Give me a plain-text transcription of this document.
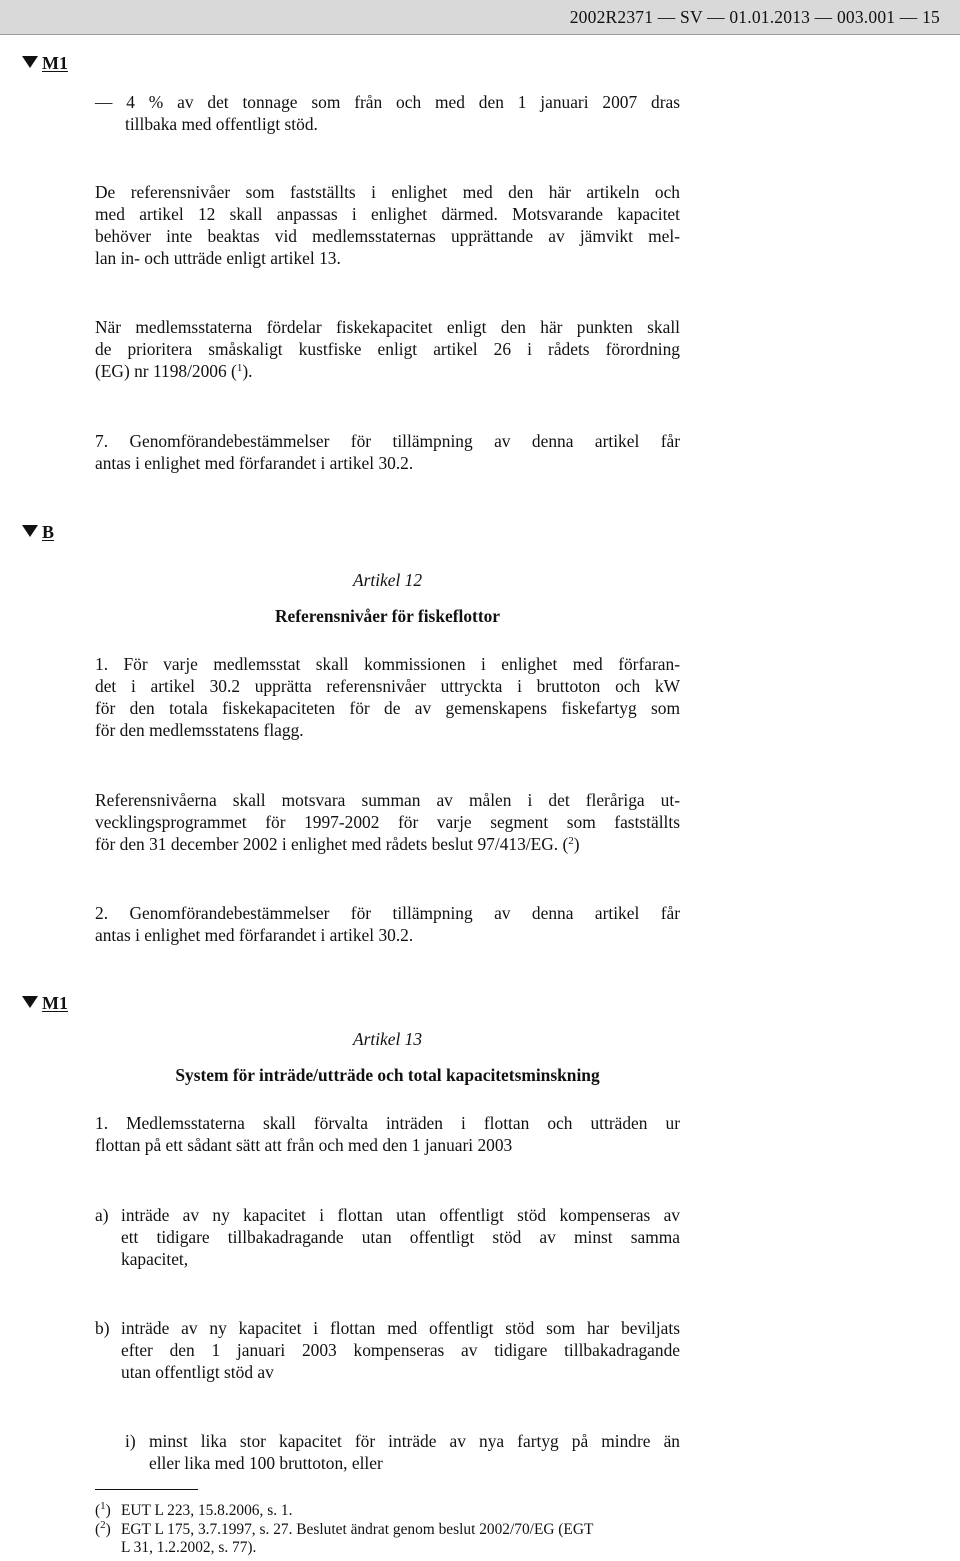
2002R2371 — SV — 01.01.2013 — 003.001 — 15
M1
— 4 % av det tonnage som från och med den 1 januari 2007 dras
tillbaka med offentligt stöd.
De referensnivåer som fastställts i enlighet med den här artikeln och
med artikel 12 skall anpassas i enlighet därmed. Motsvarande kapacitet
behöver inte beaktas vid medlemsstaternas upprättande av jämvikt mel-
lan in- och utträde enligt artikel 13.
När medlemsstaterna fördelar fiskekapacitet enligt den här punkten skall
de prioritera småskaligt kustfiske enligt artikel 26 i rådets förordning
(EG) nr 1198/2006 ($^1$).
7. Genomförandebestämmelser för tillämpning av denna artikel får
antas i enlighet med förfarandet i artikel 30.2.
B
Artikel 12
Referensnivåer för fiskeflottor
1. För varje medlemsstat skall kommissionen i enlighet med förfaran-
det i artikel 30.2 upprätta referensnivåer uttryckta i bruttoton och kW
för den totala fiskekapaciteten för de av gemenskapens fiskefartyg som
för den medlemsstatens flagg.
Referensnivåerna skall motsvara summan av målen i det fleråriga ut-
vecklingsprogrammet för 1997-2002 för varje segment som fastställts
för den 31 december 2002 i enlighet med rådets beslut 97/413/EG. ($^2$)
2. Genomförandebestämmelser för tillämpning av denna artikel får
antas i enlighet med förfarandet i artikel 30.2.
M1
Artikel 13
System för inträde/utträde och total kapacitetsminskning
1. Medlemsstaterna skall förvalta inträden i flottan och utträden ur
flottan på ett sådant sätt att från och med den 1 januari 2003
a) inträde av ny kapacitet i flottan utan offentligt stöd kompenseras av
ett tidigare tillbakadragande utan offentligt stöd av minst samma
kapacitet,
b) inträde av ny kapacitet i flottan med offentligt stöd som har beviljats
efter den 1 januari 2003 kompenseras av tidigare tillbakadragande
utan offentligt stöd av
i) minst lika stor kapacitet för inträde av nya fartyg på mindre än
eller lika med 100 bruttoton, eller
($^1$) EUT L 223, 15.8.2006, s. 1.
($^2$) EGT L 175, 3.7.1997, s. 27. Beslutet ändrat genom beslut 2002/70/EG (EGT
L 31, 1.2.2002, s. 77).
